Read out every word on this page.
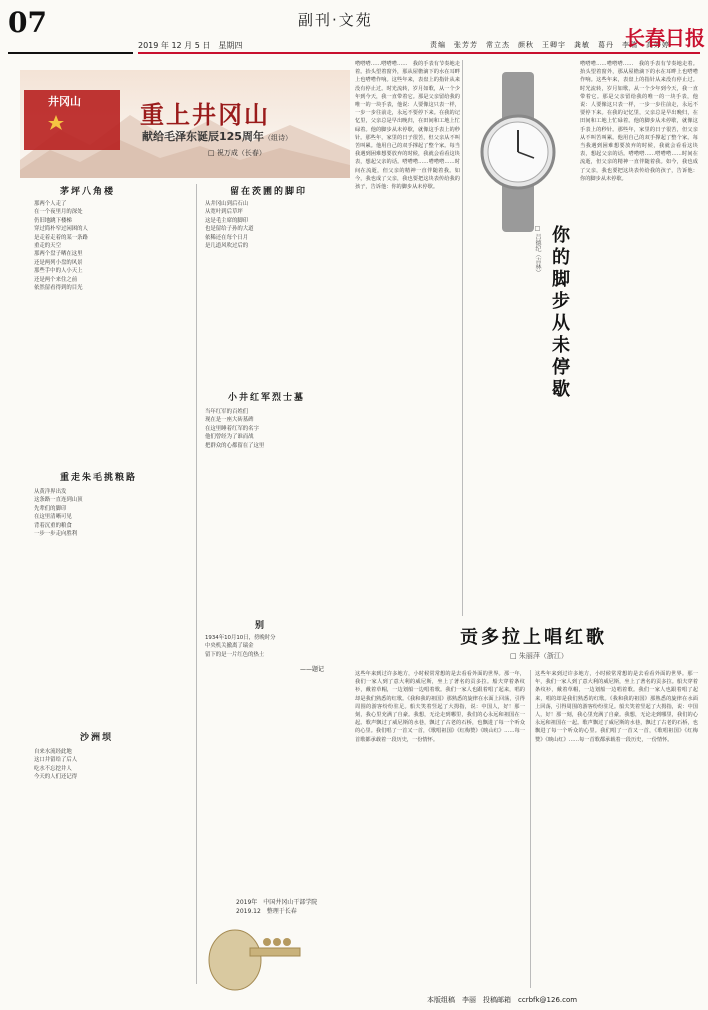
07	副刊·文苑
2019 年 12 月 5 日　星期四	责编　张芳芳　常立杰　颜秋　王卿宇　龚敏　葛丹　李瑞　高婷婷
长春日报
井冈山 重上井冈山
献给毛泽东诞辰125周年（组诗）
□ 祝万成（长春）
茅坪八角楼
那两个人走了
在一个夜里月的深处
仍旧地跳下楼梯
穿过简朴窄过闲困的人
是走着走着的某一条路
重走的天空
那两个盘子晒在这里
还是两列小盘的风景
那些手中的人小天上
还是两个来住之前
依然留看得到的目光
重走朱毛挑粮路
从黄洋界出发
这条路一直连到山顶
先辈们的脚印
在这里清晰可见
背着沉重的粮食
一步一步走向胜利
沙洲坝
自来水流经此地
这口井留给了后人
吃水不忘挖井人
今天的人们还记得
留在茨圃的脚印
从井冈山到后石山
从宽叶到后草坪
这是毛主席的脚印
也是留给子孙的大道
依稀还在每个日月
是几道风吹过后的
小井红军烈士墓
当年红军的百姓们
现在是一座大砖墓碑
在这里睡着红军的名字
他们曾经为了谁而战
把群众的心都留在了这里
别
1934年10月10日，傍晚时分
中央机关撤离了瑞金
留下的是一片红色的热土
——题记
2019年　中国井冈山干部学院
2019.12　整理于长春
嗒嗒嗒……嗒嗒嗒……　我的手表有节奏地走着。抬头望着窗外，那从屋檐滴下的水在耳畔上也嗒嗒作响。这些年来，表盘上的指针从来没有停止过。时光流转，岁月如歌，从一个少年到今天，我一直带着它。那是父亲留给我的唯一的一块手表，他说：人要像这只表一样，一步一步往前走，永远不要停下来。在我的记忆里，父亲总是早出晚归，在田间和工地上忙碌着。他的脚步从未停歇，就像这手表上的秒针。那些年，家里的日子很苦，但父亲从不叫苦叫累。他用自己的双手撑起了整个家。每当我遇到困难想要放弃的时候，我就会看看这块表，想起父亲的话。嗒嗒嗒……嗒嗒嗒……时间在流逝，但父亲的精神一直伴随着我。如今，我也成了父亲，我也要把这块表传给我的孩子，告诉他：你的脚步从未停歇。
你的脚步从未停歇
□ 吕德纪（吉林）
嗒嗒嗒……嗒嗒嗒……　我的手表有节奏地走着。抬头望着窗外，那从屋檐滴下的水在耳畔上也嗒嗒作响。这些年来，表盘上的指针从来没有停止过。时光流转，岁月如歌，从一个少年到今天，我一直带着它。那是父亲留给我的唯一的一块手表，他说：人要像这只表一样，一步一步往前走，永远不要停下来。在我的记忆里，父亲总是早出晚归，在田间和工地上忙碌着。他的脚步从未停歇，就像这手表上的秒针。那些年，家里的日子很苦，但父亲从不叫苦叫累。他用自己的双手撑起了整个家。每当我遇到困难想要放弃的时候，我就会看看这块表，想起父亲的话。嗒嗒嗒……嗒嗒嗒……时间在流逝，但父亲的精神一直伴随着我。如今，我也成了父亲，我也要把这块表传给我的孩子，告诉他：你的脚步从未停歇。
贡多拉上唱红歌
□ 朱丽萍（浙江）
这些年来到过许多地方，小时候常常想的是去看看外面的世界。那一年，我们一家人到了意大利的威尼斯，坐上了著名的贡多拉。船夫穿着条纹衫，戴着草帽，一边划船一边唱着歌。我们一家人也跟着唱了起来，唱的却是我们熟悉的红歌。《我和我的祖国》那熟悉的旋律在水面上回荡，引得周围的游客纷纷驻足。船夫笑着竖起了大拇指，说：中国人，好！那一刻，我心里充满了自豪。我想，无论走到哪里，我们的心永远和祖国在一起。歌声飘过了威尼斯的水巷，飘过了古老的石桥，也飘进了每一个听众的心里。我们唱了一首又一首，《歌唱祖国》《红梅赞》《映山红》……每一首歌都承载着一段历史，一份情怀。
这些年来到过许多地方，小时候常常想的是去看看外面的世界。那一年，我们一家人到了意大利的威尼斯，坐上了著名的贡多拉。船夫穿着条纹衫，戴着草帽，一边划船一边唱着歌。我们一家人也跟着唱了起来，唱的却是我们熟悉的红歌。《我和我的祖国》那熟悉的旋律在水面上回荡，引得周围的游客纷纷驻足。船夫笑着竖起了大拇指，说：中国人，好！那一刻，我心里充满了自豪。我想，无论走到哪里，我们的心永远和祖国在一起。歌声飘过了威尼斯的水巷，飘过了古老的石桥，也飘进了每一个听众的心里。我们唱了一首又一首，《歌唱祖国》《红梅赞》《映山红》……每一首歌都承载着一段历史，一份情怀。
本版组稿　李丽　投稿邮箱　ccrbfk@126.com
